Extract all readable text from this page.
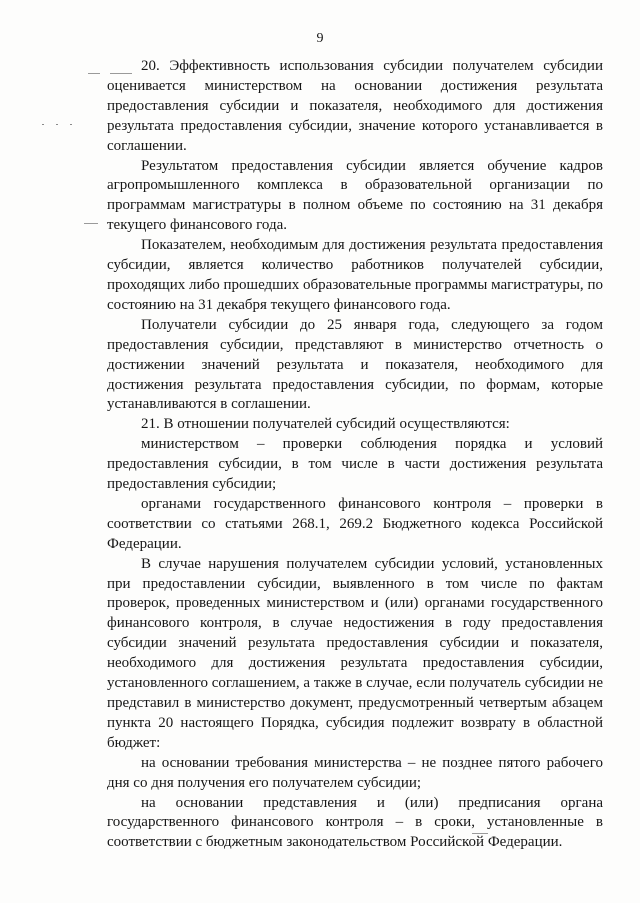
9

20. Эффективность использования субсидии получателем субсидии оценивается министерством на основании достижения результата предоставления субсидии и показателя, необходимого для достижения результата предоставления субсидии, значение которого устанавливается в соглашении.

Результатом предоставления субсидии является обучение кадров агропромышленного комплекса в образовательной организации по программам магистратуры в полном объеме по состоянию на 31 декабря текущего финансового года.

Показателем, необходимым для достижения результата предоставления субсидии, является количество работников получателей субсидии, проходящих либо прошедших образовательные программы магистратуры, по состоянию на 31 декабря текущего финансового года.

Получатели субсидии до 25 января года, следующего за годом предоставления субсидии, представляют в министерство отчетность о достижении значений результата и показателя, необходимого для достижения результата предоставления субсидии, по формам, которые устанавливаются в соглашении.

21. В отношении получателей субсидий осуществляются:

министерством – проверки соблюдения порядка и условий предоставления субсидии, в том числе в части достижения результата предоставления субсидии;

органами государственного финансового контроля – проверки в соответствии со статьями 268.1, 269.2 Бюджетного кодекса Российской Федерации.

В случае нарушения получателем субсидии условий, установленных при предоставлении субсидии, выявленного в том числе по фактам проверок, проведенных министерством и (или) органами государственного финансового контроля, в случае недостижения в году предоставления субсидии значений результата предоставления субсидии и показателя, необходимого для достижения результата предоставления субсидии, установленного соглашением, а также в случае, если получатель субсидии не представил в министерство документ, предусмотренный четвертым абзацем пункта 20 настоящего Порядка, субсидия подлежит возврату в областной бюджет:

на основании требования министерства – не позднее пятого рабочего дня со дня получения его получателем субсидии;

на основании представления и (или) предписания органа государственного финансового контроля – в сроки, установленные в соответствии с бюджетным законодательством Российской Федерации.
